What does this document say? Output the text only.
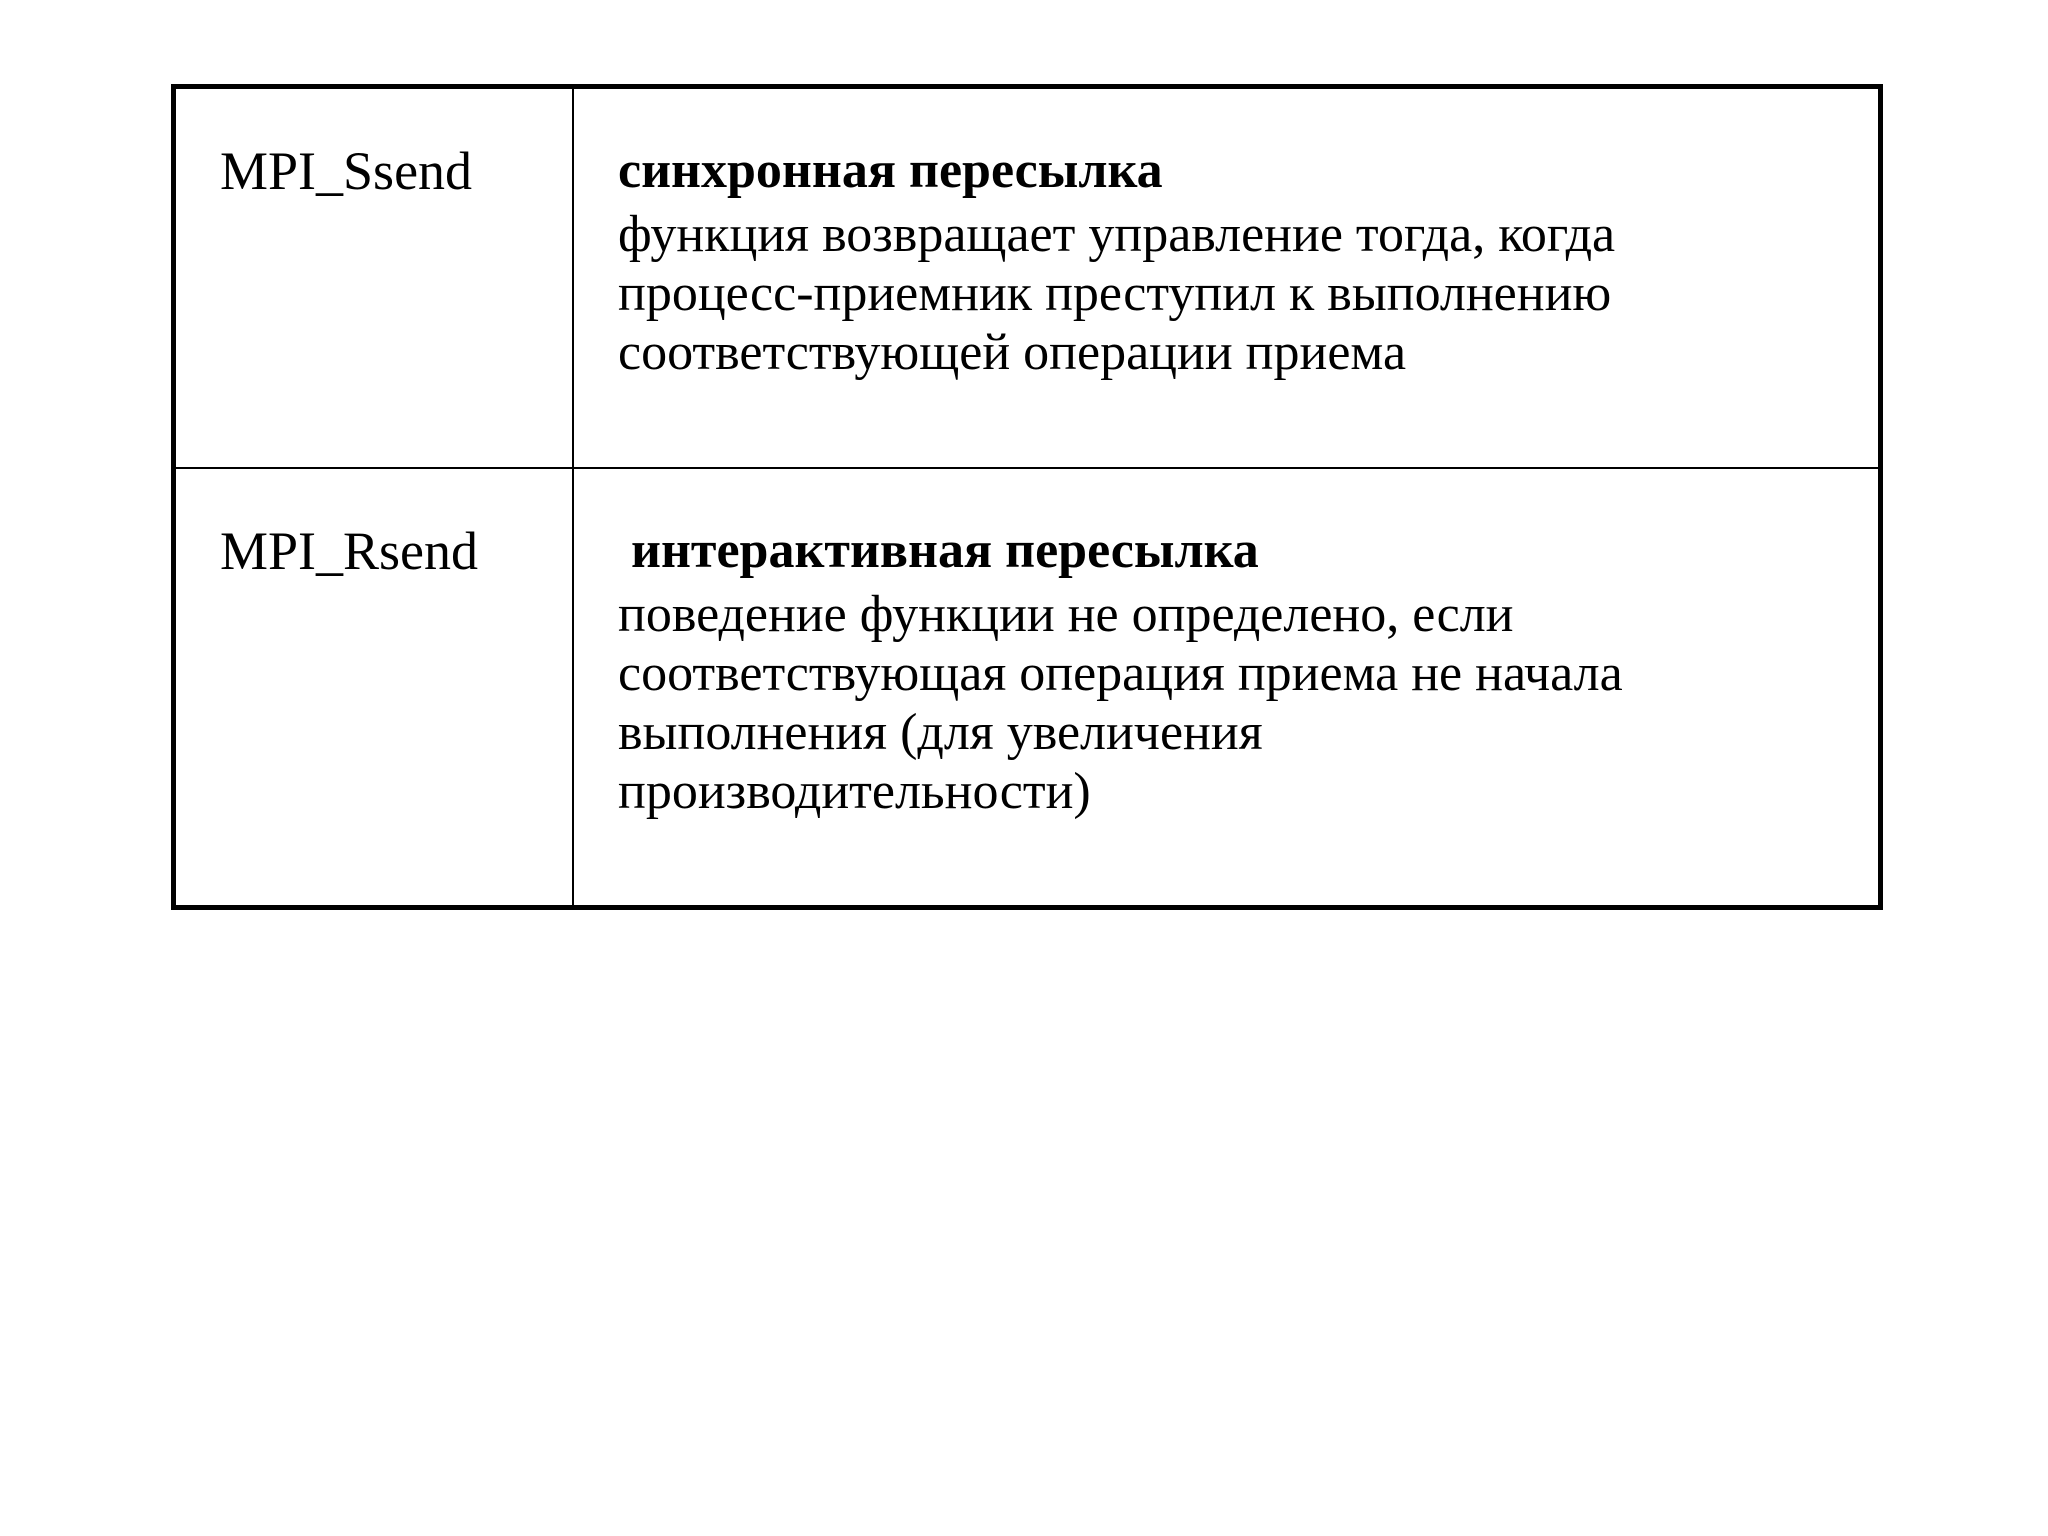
MPI_Ssend	синхронная пересылка
функция возвращает управление тогда, когда
процесс-приемник преступил к выполнению
соответствующей операции приема
MPI_Rsend	интерактивная пересылка
поведение функции не определено, если
соответствующая операция приема не начала
выполнения (для увеличения
производительности)
